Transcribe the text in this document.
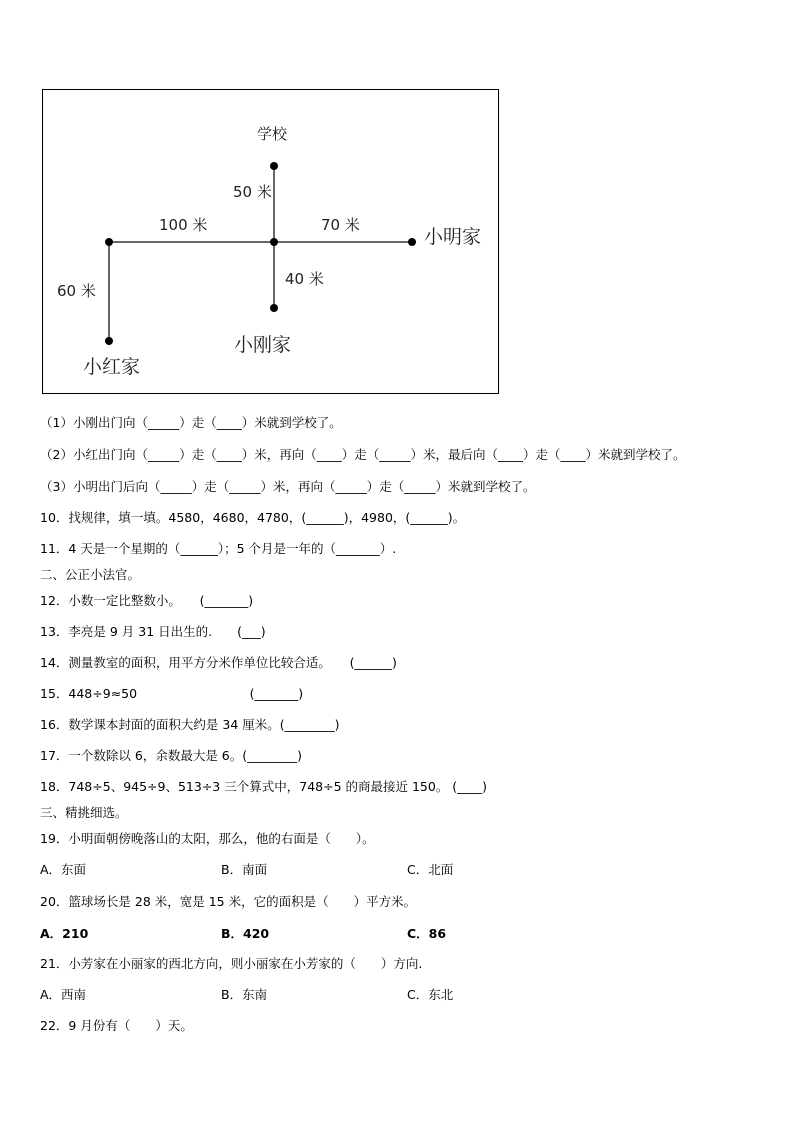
学校
50 米
100 米	70 米
小明家
40 米
60 米
小刚家
小红家
（1）小刚出门向（_____）走（____）米就到学校了。
（2）小红出门向（_____）走（____）米，再向（____）走（_____）米，最后向（____）走（____）米就到学校了。
（3）小明出门后向（_____）走（_____）米，再向（_____）走（_____）米就到学校了。
10．找规律，填一填。4580，4680，4780，(______)，4980，(______)。
11．4 天是一个星期的（______）；5 个月是一年的（_______）.
二、公正小法官。
12．小数一定比整数小。　　(_______)
13．李亮是 9 月 31 日出生的.　　(___)
14．测量教室的面积，用平方分米作单位比较合适。　　(______)
15．448÷9≈50　　　　　　　　　(_______)
16．数学课本封面的面积大约是 34 厘米。(________)
17．一个数除以 6，余数最大是 6。(________)
18．748÷5、945÷9、513÷3 三个算式中，748÷5 的商最接近 150。 (____)
三、精挑细选。
19．小明面朝傍晚落山的太阳，那么，他的右面是（　　）。
A．东面	B．南面	C．北面
20．篮球场长是 28 米，宽是 15 米，它的面积是（　　）平方米。
A．210	B．420	C．86
21．小芳家在小丽家的西北方向，则小丽家在小芳家的（　　）方向.
A．西南	B．东南	C．东北
22．9 月份有（　　）天。
